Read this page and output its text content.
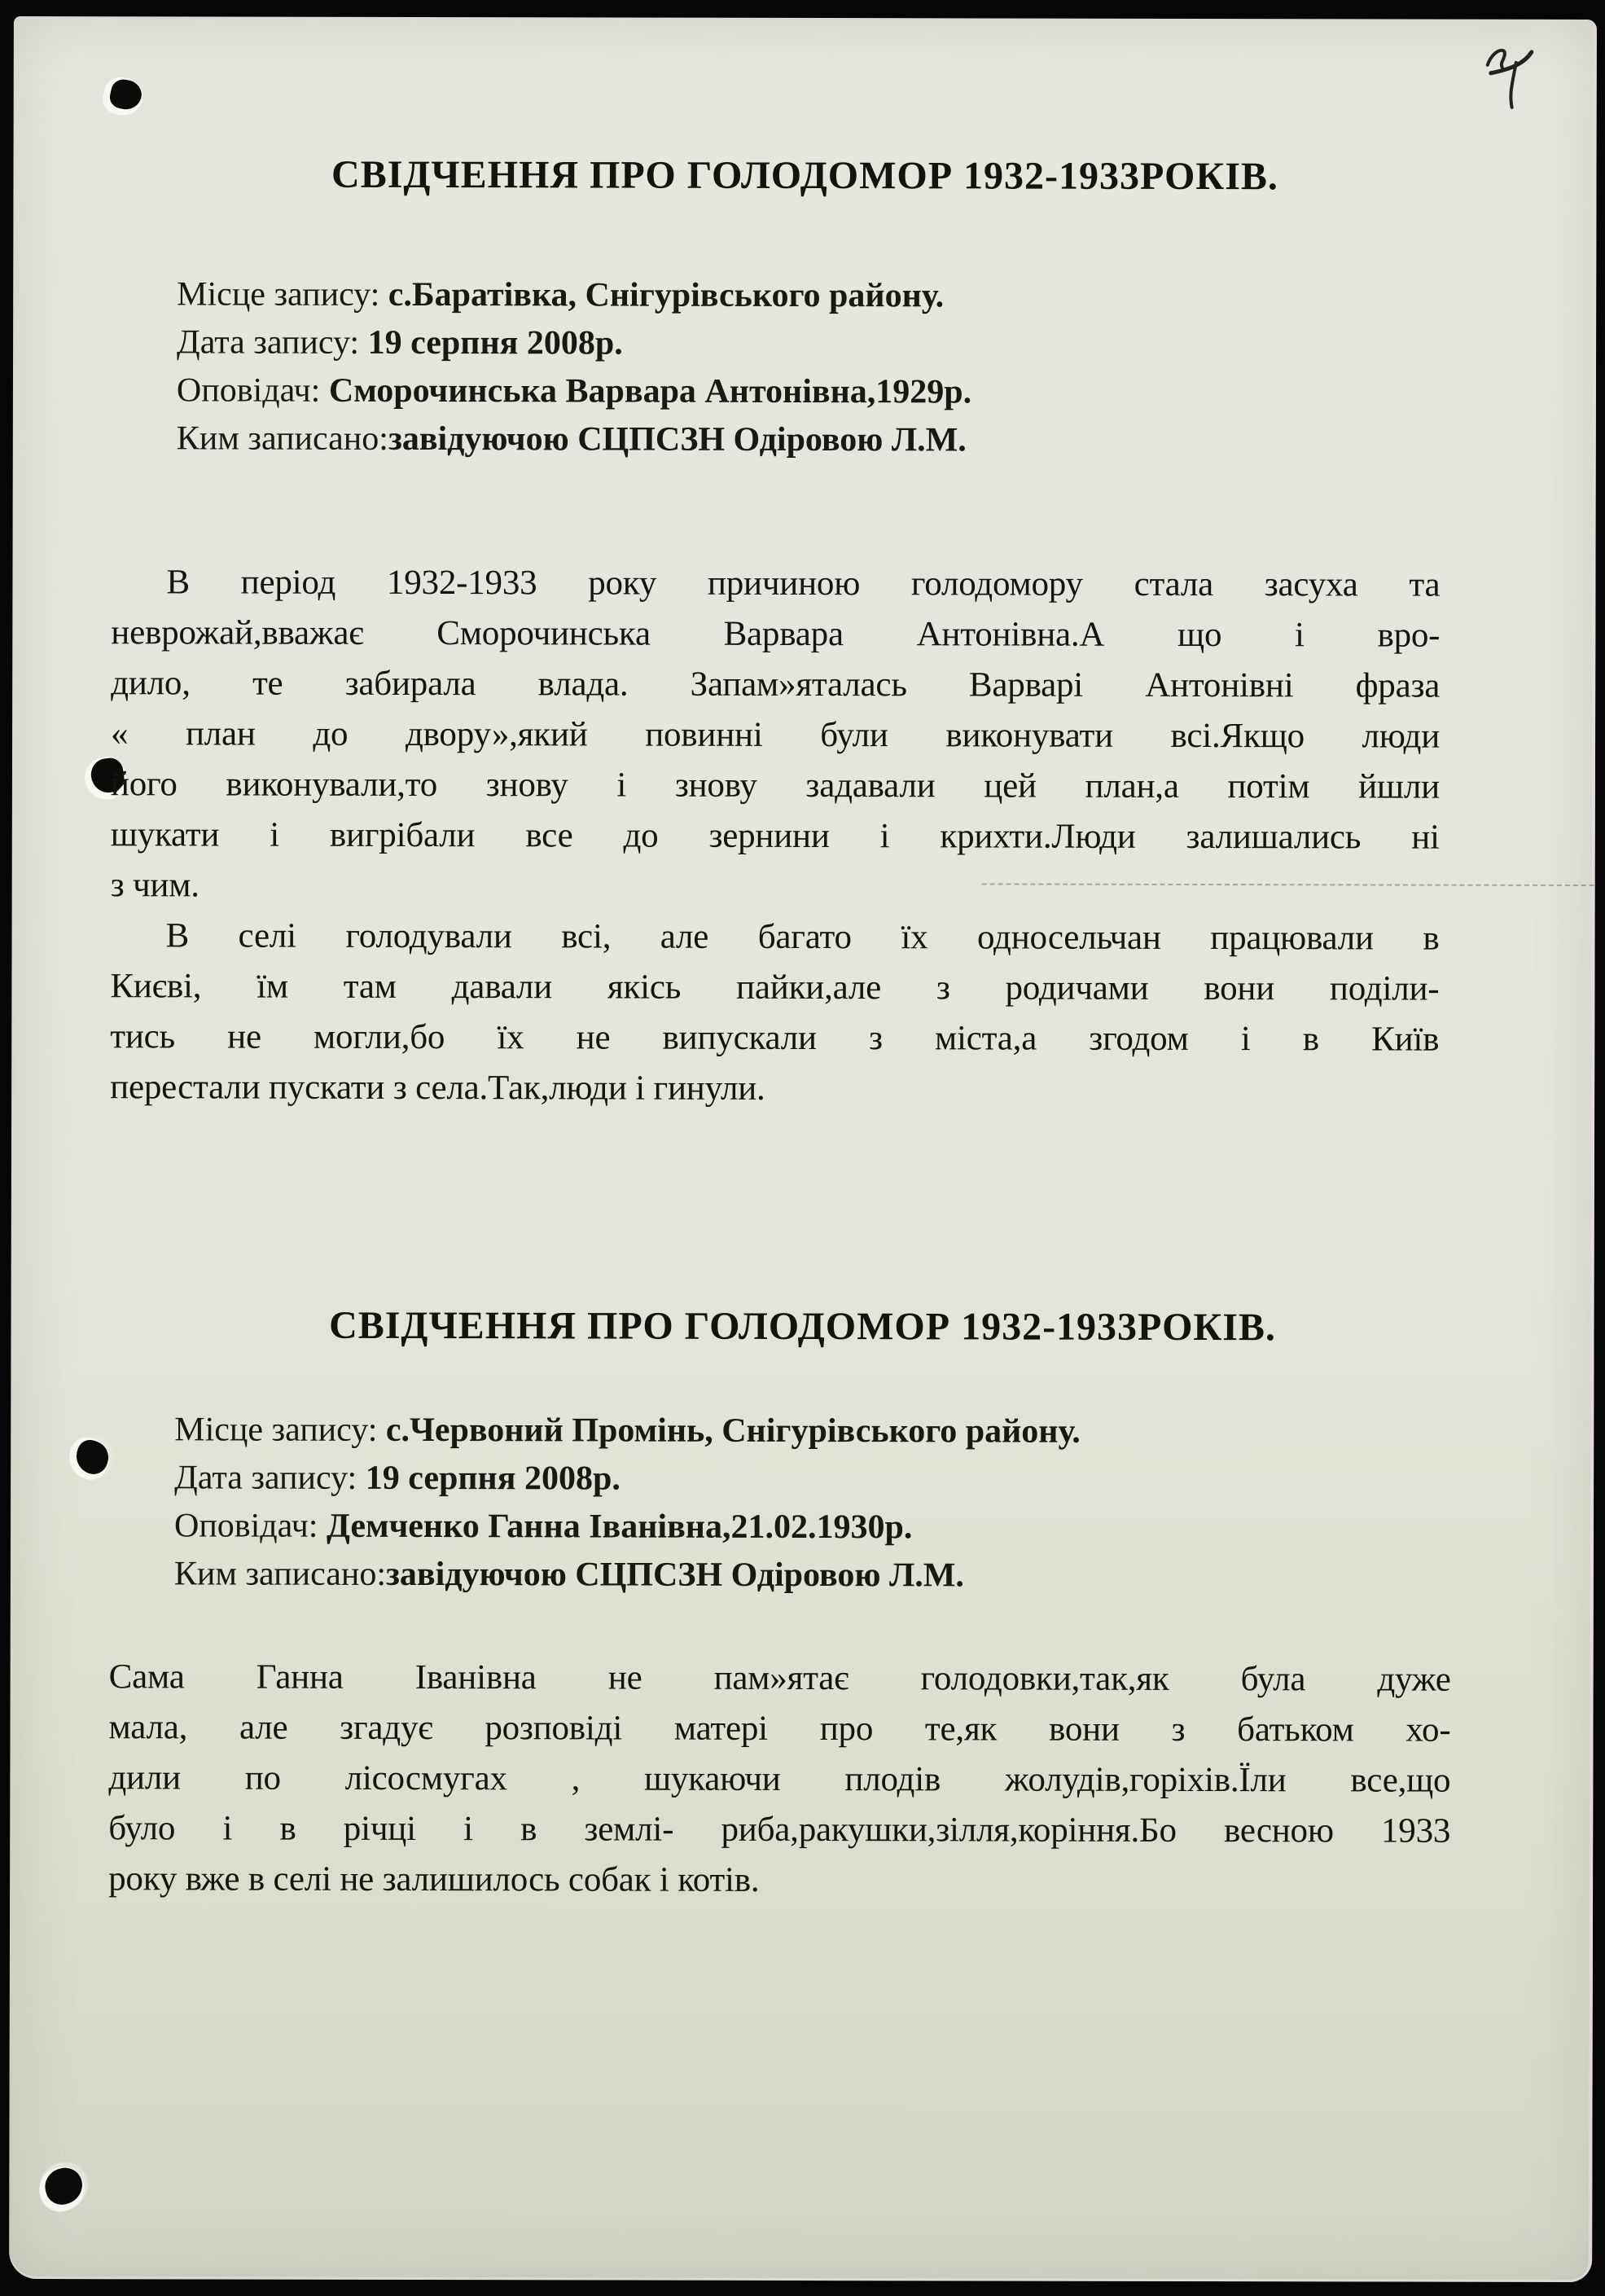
СВІДЧЕННЯ ПРО ГОЛОДОМОР 1932-1933РОКІВ.
Місце запису: с.Баратівка, Снігурівського району.
Дата запису: 19 серпня 2008р.
Оповідач: Сморочинська Варвара Антонівна,1929р.
Ким записано:завідуючою СЦПСЗН Одіровою Л.М.
В період 1932-1933 року причиною голодомору стала засуха та
неврожай,вважає Сморочинська Варвара Антонівна.А що і вро-
дило, те забирала влада. Запам»яталась Варварі Антонівні фраза
« план до двору»,який повинні були виконувати всі.Якщо люди
його виконували,то знову і знову задавали цей план,а потім йшли
шукати і вигрібали все до зернини і крихти.Люди залишались ні
з чим.
В селі голодували всі, але багато їх односельчан працювали в
Києві, їм там давали якісь пайки,але з родичами вони поділи-
тись не могли,бо їх не випускали з міста,а згодом і в Київ
перестали пускати з села.Так,люди і гинули.
СВІДЧЕННЯ ПРО ГОЛОДОМОР 1932-1933РОКІВ.
Місце запису: с.Червоний Промінь, Снігурівського району.
Дата запису: 19 серпня 2008р.
Оповідач: Демченко Ганна Іванівна,21.02.1930р.
Ким записано:завідуючою СЦПСЗН Одіровою Л.М.
Сама Ганна Іванівна не пам»ятає голодовки,так,як була дуже
мала, але згадує розповіді матері про те,як вони з батьком хо-
дили по лісосмугах , шукаючи плодів жолудів,горіхів.Їли все,що
було і в річці і в землі- риба,ракушки,зілля,коріння.Бо весною 1933
року вже в селі не залишилось собак і котів.
